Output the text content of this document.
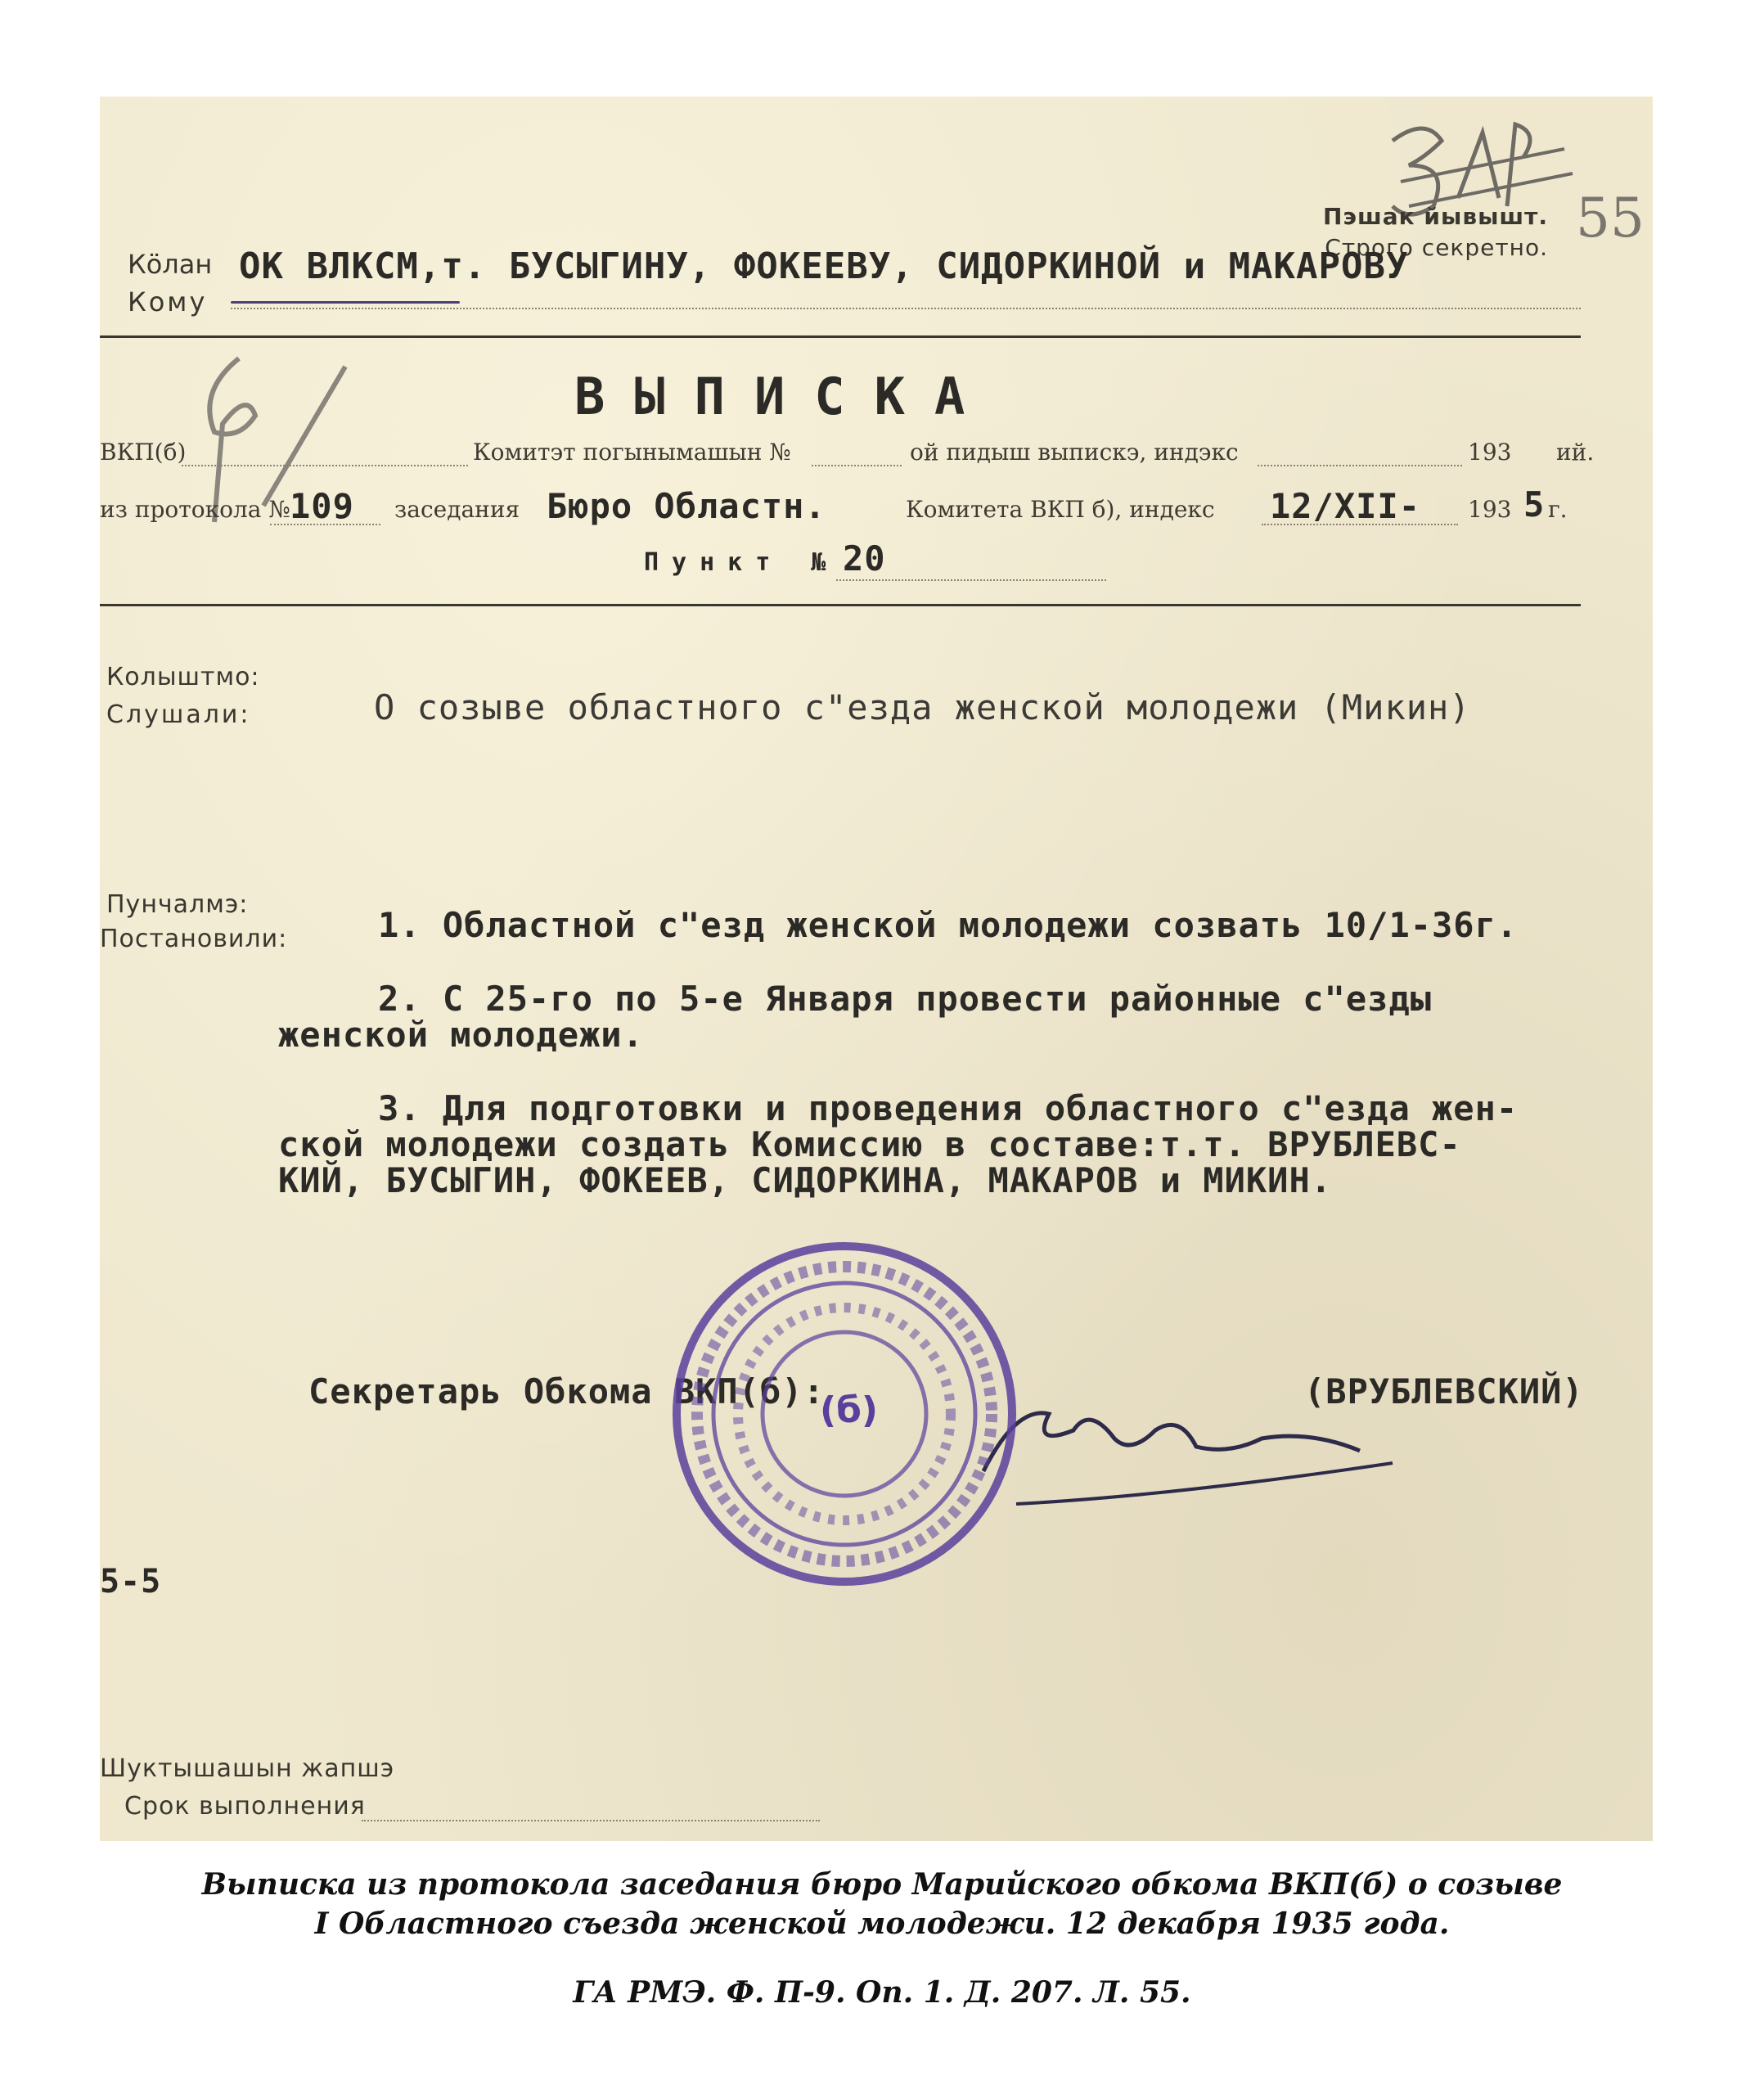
55
Пэшак йывышт.
Строго секретно.
Кӧлан
Кому
ОК ВЛКСМ,т. БУСЫГИНУ, ФОКЕЕВУ, СИДОРКИНОЙ и МАКАРОВУ
ВЫПИСКА
ВКП(б)	Комитэт погынымашын №	ой пидыш выпискэ, индэкс	193 ий.
из протокола № 109 заседания Бюро Областн.	Комитета ВКП б), индекс 12/XII- 193 5 г.
Пункт № 20
Колыштмо:
Слушали:	О созыве областного с"езда женской молодежи (Микин)
Пунчалмэ:
Постановили:	1. Областной с"езд женской молодежи созвать 10/1-36г.
2. С 25-го по 5-е Января провести районные с"езды
женской молодежи.
3. Для подготовки и проведения областного с"езда жен-
ской молодежи создать Комиссию в составе:т.т. ВРУБЛЕВС-
КИЙ, БУСЫГИН, ФОКЕЕВ, СИДОРКИНА, МАКАРОВ и МИКИН.
Секретарь Обкома ВКП(б):	(ВРУБЛЕВСКИЙ)
(б)
5-5
Шуктышашын жапшэ
Срок выполнения
Выписка из протокола заседания бюро Марийского обкома ВКП(б) о созыве
I Областного съезда женской молодежи. 12 декабря 1935 года.
ГА РМЭ. Ф. П-9. Оп. 1. Д. 207. Л. 55.
